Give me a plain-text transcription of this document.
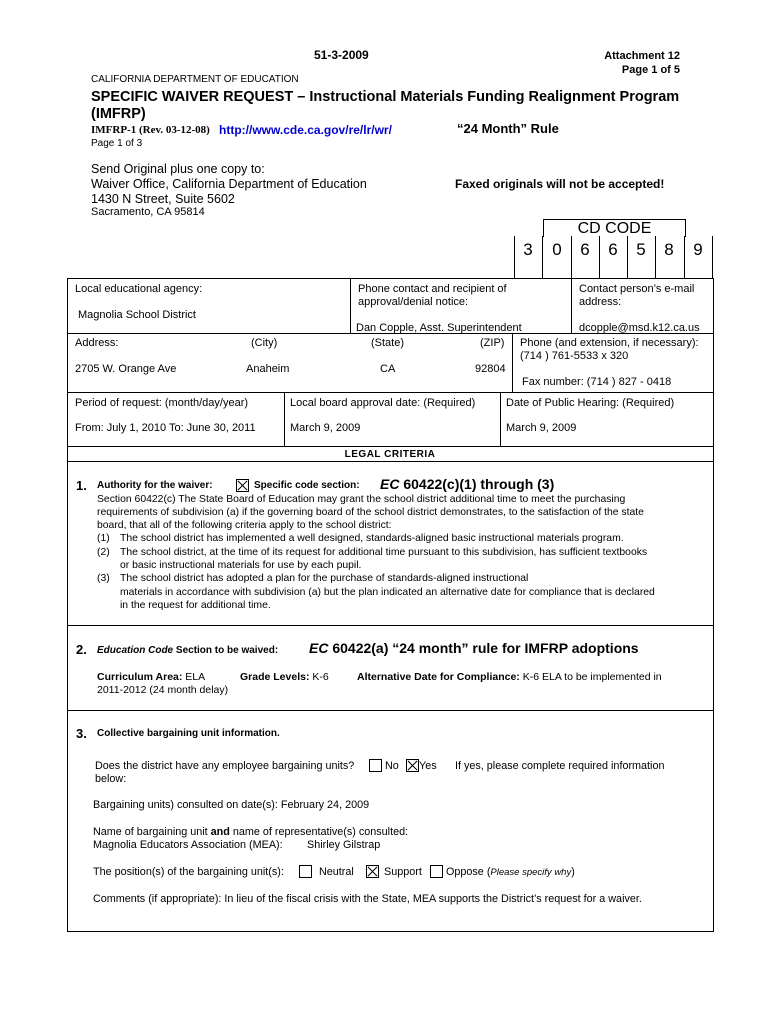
51-3-2009	Attachment 12
Page 1 of 5
CALIFORNIA DEPARTMENT OF EDUCATION
SPECIFIC WAIVER REQUEST – Instructional Materials Funding Realignment Program
(IMFRP)
IMFRP-1 (Rev. 03-12-08) http://www.cde.ca.gov/re/lr/wr/	“24 Month” Rule
Page 1 of 3
Send Original plus one copy to:
Waiver Office, California Department of Education
1430 N Street, Suite 5602
Sacramento, CA 95814
Faxed originals will not be accepted!
CD CODE
3	0	6	6	5	8	9
Local educational agency:
Magnolia School District
Phone contact and recipient of
approval/denial notice:
Dan Copple, Asst. Superintendent
Contact person’s e-mail
address:
dcopple@msd.k12.ca.us
Address:	(City)	(State)	(ZIP)
2705 W. Orange Ave	Anaheim	CA	92804
Phone (and extension, if necessary):
(714 ) 761-5533 x 320
Fax number: (714 ) 827 - 0418
Period of request: (month/day/year)
From: July 1, 2010 To: June 30, 2011
Local board approval date: (Required)
March 9, 2009
Date of Public Hearing: (Required)
March 9, 2009
LEGAL CRITERIA
1. Authority for the waiver:	Specific code section: EC 60422(c)(1) through (3)
Section 60422(c) The State Board of Education may grant the school district additional time to meet the purchasing
requirements of subdivision (a) if the governing board of the school district demonstrates, to the satisfaction of the state
board, that all of the following criteria apply to the school district:
(1) The school district has implemented a well designed, standards-aligned basic instructional materials program.
(2) The school district, at the time of its request for additional time pursuant to this subdivision, has sufficient textbooks
or basic instructional materials for use by each pupil.
(3) The school district has adopted a plan for the purchase of standards-aligned instructional
materials in accordance with subdivision (a) but the plan indicated an alternative date for compliance that is declared
in the request for additional time.
2. Education Code Section to be waived: EC 60422(a) “24 month” rule for IMFRP adoptions
Curriculum Area: ELA	Grade Levels: K-6	Alternative Date for Compliance: K-6 ELA to be implemented in
2011-2012 (24 month delay)
3. Collective bargaining unit information.
Does the district have any employee bargaining units?	No Yes If yes, please complete required information
below:
Bargaining units) consulted on date(s): February 24, 2009
Name of bargaining unit and name of representative(s) consulted:
Magnolia Educators Association (MEA): Shirley Gilstrap
The position(s) of the bargaining unit(s):	Neutral	Support Oppose (Please specify why)
Comments (if appropriate): In lieu of the fiscal crisis with the State, MEA supports the District’s request for a waiver.
